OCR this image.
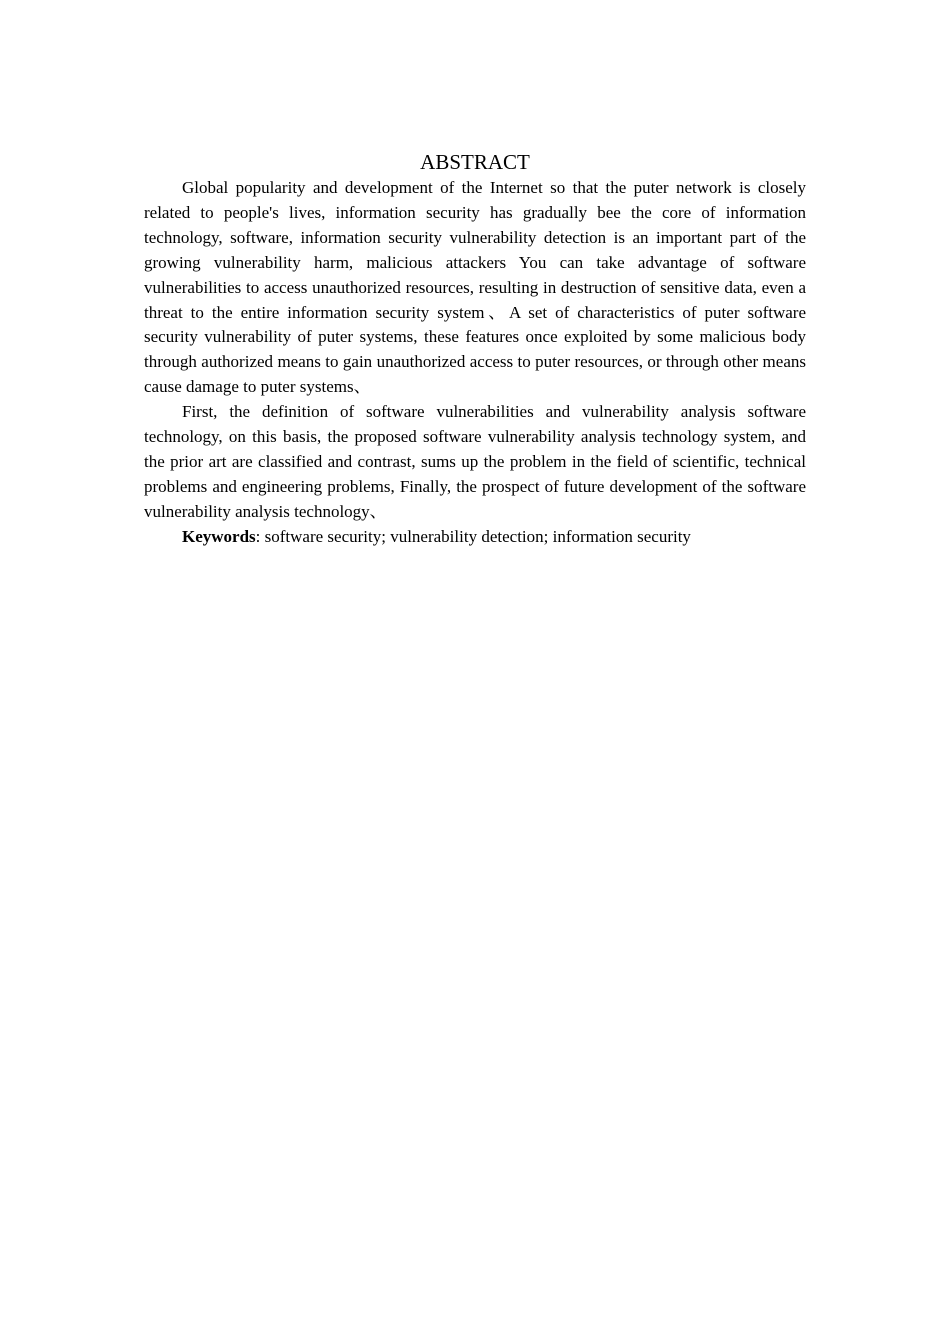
ABSTRACT

Global popularity and development of the Internet so that the puter network is closely related to people's lives, information security has gradually bee the core of information technology, software, information security vulnerability detection is an important part of the growing vulnerability harm, malicious attackers You can take advantage of software vulnerabilities to access unauthorized resources, resulting in destruction of sensitive data, even a threat to the entire information security system、A set of characteristics of puter software security vulnerability of puter systems, these features once exploited by some malicious body through authorized means to gain unauthorized access to puter resources, or through other means cause damage to puter systems、

First, the definition of software vulnerabilities and vulnerability analysis software technology, on this basis, the proposed software vulnerability analysis technology system, and the prior art are classified and contrast, sums up the problem in the field of scientific, technical problems and engineering problems, Finally, the prospect of future development of the software vulnerability analysis technology、

Keywords: software security; vulnerability detection; information security
